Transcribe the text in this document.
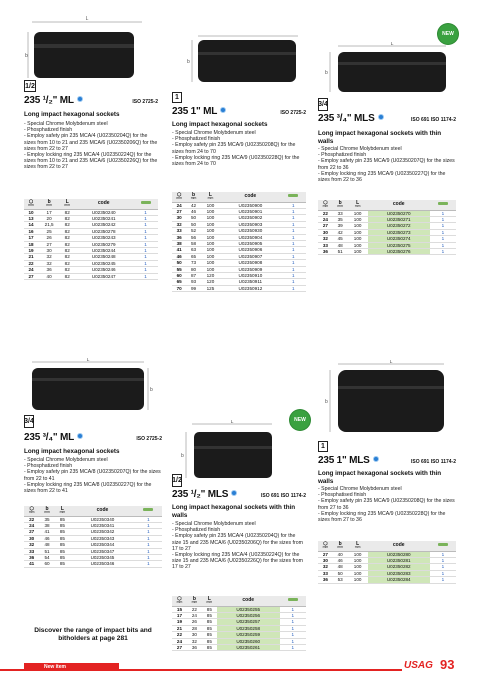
L
b
1/2
235 ¹/₂" ML	ISO 2725-2
Long impact hexagonal sockets
- Special Chrome Molybdenum steel
- Phosphatized finish
- Employ safety pin 235 MCA/4 (U02350204Q) for the sizes from 10 to 21 and 235 MCA/6 (U02350206Q) for the sizes from 22 to 27
- Employ locking ring 235 MCA/4 (U02350224Q) for the sizes from 10 to 21 and 235 MCA/6 (U02350226Q) for the sizes from 22 to 27
⬡
mm	b
mm	L
mm	code	
10	17	82	U02350240	1
13	20	82	U02350241	1
14	21,5	82	U02350242	1
16	25	82	U02350278	1
17	26	82	U02350243	1
18	27	82	U02350279	1
19	30	82	U02350244	1
21	32	82	U02350248	1
22	32	82	U02350245	1
24	36	82	U02350246	1
27	40	82	U02350247	1
b
1
235 1" ML	ISO 2725-2
Long impact hexagonal sockets
- Special Chrome Molybdenum steel
- Phosphatized finish
- Employ safety pin 235 MCA/9 (U02350208Q) for the sizes from 24 to 70
- Employ locking ring 235 MCA/9 (U02350228Q) for the sizes from 24 to 70
⬡
mm	b
mm	L
mm	code	
24	42	100	U02350900	1
27	46	100	U02350901	1
30	50	100	U02350902	1
32	50	100	U02350903	1
33	52	100	U02350930	1
36	56	100	U02350904	1
38	58	100	U02350905	1
41	63	100	U02350906	1
46	65	100	U02350907	1
50	73	100	U02350908	1
55	80	100	U02350909	1
60	87	120	U02350910	1
65	93	120	U02350911	1
70	99	125	U02350912	1
NEW
L
b
3/4
235 ³/₄" MLS	ISO 691 ISO 1174-2
Long impact hexagonal sockets with thin walls
- Special Chrome Molybdenum steel
- Phosphatized finish
- Employ safety pin 235 MCA/9 (U02350207Q) for the sizes from 22 to 36
- Employ locking ring 235 MCA/9 (U02350227Q) for the sizes from 22 to 36
⬡
mm	b
mm	L
mm	code	
22	33	100	U02350270	1
24	35	100	U02350271	1
27	39	100	U02350272	1
30	42	100	U02350273	1
32	45	100	U02350274	1
33	48	100	U02350275	1
36	51	100	U02350276	1
L
b
3/4
235 ³/₄" ML	ISO 2725-2
Long impact hexagonal sockets
- Special Chrome Molybdenum steel
- Phosphatized finish
- Employ safety pin 235 MCA/8 (U02350207Q) for the sizes from 22 to 41
- Employ locking ring 235 MCA/8 (U02350227Q) for the sizes from 22 to 41
⬡
mm	b
mm	L
mm	code	
22	35	85	U02350340	1
24	38	85	U02350341	1
27	41	85	U02350342	1
30	46	85	U02350343	1
32	48	85	U02350344	1
33	51	85	U02350347	1
36	54	85	U02350345	1
41	60	85	U02350346	1
Discover the range of impact bits and bitholders at page 281
NEW
L
b
1/2
235 ¹/₂" MLS	ISO 691 ISO 1174-2
Long impact hexagonal sockets with thin walls
- Special Chrome Molybdenum steel
- Phosphatized finish
- Employ safety pin 235 MCA/4 (U02350204Q) for the size 15 and 235 MCA/6 (U02350206Q) for the sizes from 17 to 27
- Employ locking ring 235 MCA/4 (U02350224Q) for the size 15 and 235 MCA/6 (U02350226Q) for the sizes from 17 to 27
⬡
mm	b
mm	L
mm	code	
15	22	85	U02350255	1
17	24	85	U02350256	1
19	26	85	U02350257	1
21	28	85	U02350258	1
22	30	85	U02350259	1
24	32	85	U02350260	1
27	36	85	U02350261	1
L
b
1
235 1" MLS	ISO 691 ISO 1174-2
Long impact hexagonal sockets with thin walls
- Special Chrome Molybdenum steel
- Phosphatised finish
- Employ safety pin 235 MCA/9 (U02350208Q) for the sizes from 27 to 36
- Employ locking ring 235 MCA/9 (U02350228Q) for the sizes from 27 to 36
⬡
mm	b
mm	L
mm	code	
27	40	100	U02350280	1
30	46	100	U02350281	1
32	48	100	U02350282	1
33	50	100	U02350283	1
36	53	100	U02350284	1
New item	USAG 93
